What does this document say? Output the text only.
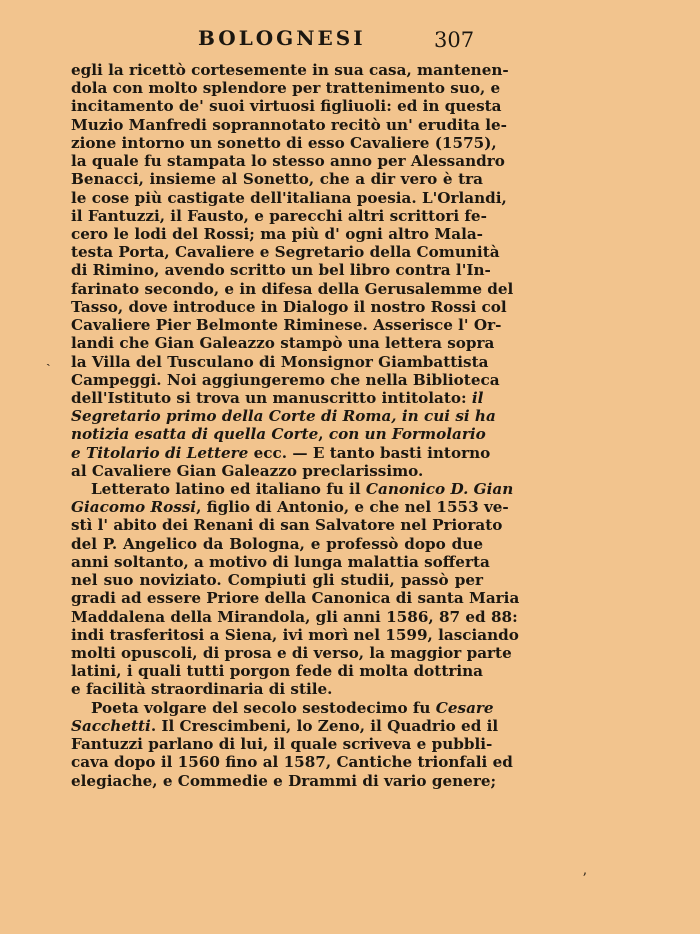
BOLOGNESI	307
egli la ricettò cortesemente in sua casa, mantenen-
dola con molto splendore per trattenimento suo, e
incitamento de' suoi virtuosi figliuoli: ed in questa
Muzio Manfredi soprannotato recitò un' erudita le-
zione intorno un sonetto di esso Cavaliere (1575),
la quale fu stampata lo stesso anno per Alessandro
Benacci, insieme al Sonetto, che a dir vero è tra
le cose più castigate dell'italiana poesia. L'Orlandi,
il Fantuzzi, il Fausto, e parecchi altri scrittori fe-
cero le lodi del Rossi; ma più d' ogni altro Mala-
testa Porta, Cavaliere e Segretario della Comunità
di Rimino, avendo scritto un bel libro contra l'In-
farinato secondo, e in difesa della Gerusalemme del
Tasso, dove introduce in Dialogo il nostro Rossi col
Cavaliere Pier Belmonte Riminese. Asserisce l' Or-
landi che Gian Galeazzo stampò una lettera sopra
la Villa del Tusculano di Monsignor Giambattista
Campeggi. Noi aggiungeremo che nella Biblioteca
dell'Istituto si trova un manuscritto intitolato: il
Segretario primo della Corte di Roma, in cui si ha
notizia esatta di quella Corte, con un Formolario
e Titolario di Lettere ecc. — E tanto basti intorno
al Cavaliere Gian Galeazzo preclarissimo.
Letterato latino ed italiano fu il Canonico D. Gian
Giacomo Rossi, figlio di Antonio, e che nel 1553 ve-
stì l' abito dei Renani di san Salvatore nel Priorato
del P. Angelico da Bologna, e professò dopo due
anni soltanto, a motivo di lunga malattia sofferta
nel suo noviziato. Compiuti gli studii, passò per
gradi ad essere Priore della Canonica di santa Maria
Maddalena della Mirandola, gli anni 1586, 87 ed 88:
indi trasferitosi a Siena, ivi morì nel 1599, lasciando
molti opuscoli, di prosa e di verso, la maggior parte
latini, i quali tutti porgon fede di molta dottrina
e facilità straordinaria di stile.
Poeta volgare del secolo sestodecimo fu Cesare
Sacchetti. Il Crescimbeni, lo Zeno, il Quadrio ed il
Fantuzzi parlano di lui, il quale scriveva e pubbli-
cava dopo il 1560 fino al 1587, Cantiche trionfali ed
elegiache, e Commedie e Drammi di vario genere;
ˎ
ʼ
